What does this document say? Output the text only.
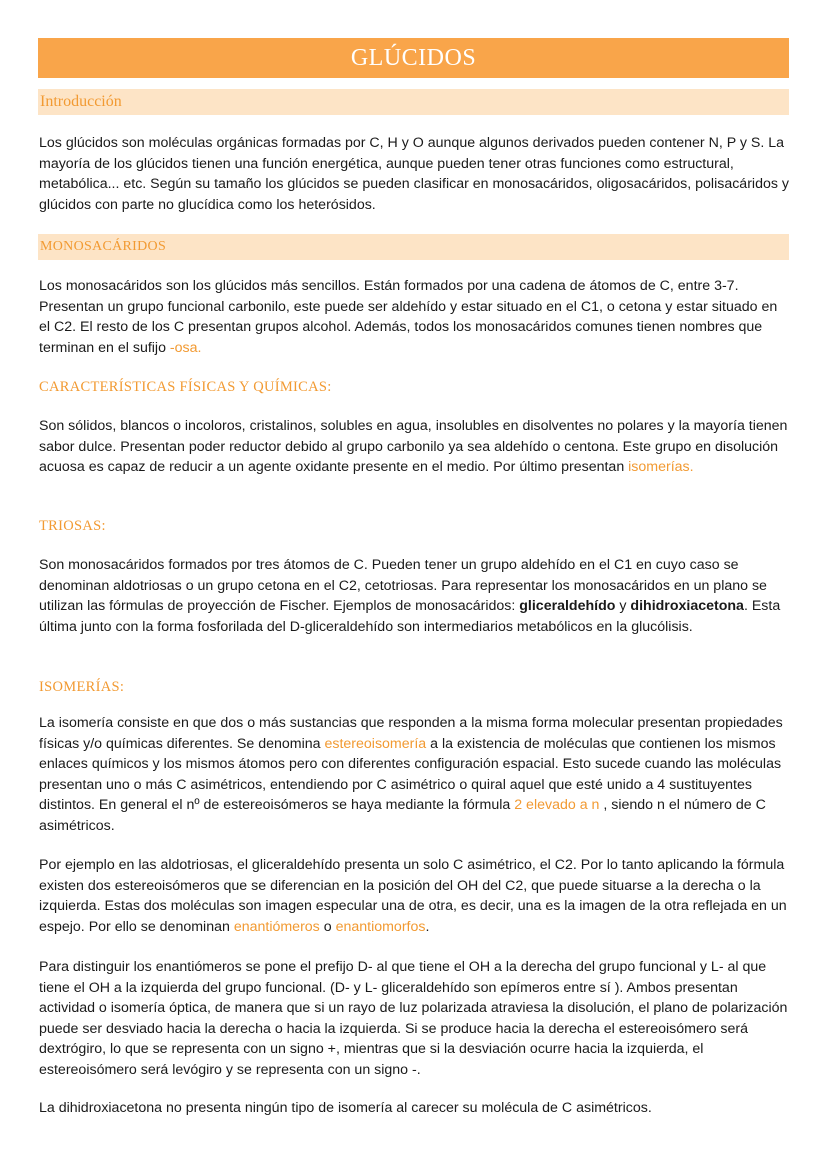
GLÚCIDOS
Introducción

Los glúcidos son moléculas orgánicas formadas por C, H y O aunque algunos derivados pueden contener N, P y S. La mayoría de los glúcidos tienen una función energética, aunque pueden tener otras funciones como estructural, metabólica... etc. Según su tamaño los glúcidos se pueden clasificar en monosacáridos, oligosacáridos, polisacáridos y glúcidos con parte no glucídica como los heterósidos.

MONOSACÁRIDOS

Los monosacáridos son los glúcidos más sencillos. Están formados por una cadena de átomos de C, entre 3-7. Presentan un grupo funcional carbonilo, este puede ser aldehído y estar situado en el C1, o cetona y estar situado en el C2. El resto de los C presentan grupos alcohol. Además, todos los monosacáridos comunes tienen nombres que terminan en el sufijo -osa.

CARACTERÍSTICAS FÍSICAS Y QUÍMICAS:

Son sólidos, blancos o incoloros, cristalinos, solubles en agua, insolubles en disolventes no polares y la mayoría tienen sabor dulce. Presentan poder reductor debido al grupo carbonilo ya sea aldehído o centona. Este grupo en disolución acuosa es capaz de reducir a un agente oxidante presente en el medio. Por último presentan isomerías.

TRIOSAS:

Son monosacáridos formados por tres átomos de C. Pueden tener un grupo aldehído en el C1 en cuyo caso se denominan aldotriosas o un grupo cetona en el C2, cetotriosas. Para representar los monosacáridos en un plano se utilizan las fórmulas de proyección de Fischer. Ejemplos de monosacáridos: gliceraldehído y dihidroxiacetona. Esta última junto con la forma fosforilada del D-gliceraldehído son intermediarios metabólicos en la glucólisis.

ISOMERÍAS:

La isomería consiste en que dos o más sustancias que responden a la misma forma molecular presentan propiedades físicas y/o químicas diferentes. Se denomina estereoisomería a la existencia de moléculas que contienen los mismos enlaces químicos y los mismos átomos pero con diferentes configuración espacial. Esto sucede cuando las moléculas presentan uno o más C asimétricos, entendiendo por C asimétrico o quiral aquel que esté unido a 4 sustituyentes distintos. En general el nº de estereoisómeros se haya mediante la fórmula 2 elevado a n , siendo n el número de C asimétricos.

Por ejemplo en las aldotriosas, el gliceraldehído presenta un solo C asimétrico, el C2. Por lo tanto aplicando la fórmula existen dos estereoisómeros que se diferencian en la posición del OH del C2, que puede situarse a la derecha o la izquierda. Estas dos moléculas son imagen especular una de otra, es decir, una es la imagen de la otra reflejada en un espejo. Por ello se denominan enantiómeros o enantiomorfos.

Para distinguir los enantiómeros se pone el prefijo D- al que tiene el OH a la derecha del grupo funcional y L- al que tiene el OH a la izquierda del grupo funcional. (D- y L- gliceraldehído son epímeros entre sí ). Ambos presentan actividad o isomería óptica, de manera que si un rayo de luz polarizada atraviesa la disolución, el plano de polarización puede ser desviado hacia la derecha o hacia la izquierda. Si se produce hacia la derecha el estereoisómero será dextrógiro, lo que se representa con un signo +, mientras que si la desviación ocurre hacia la izquierda, el estereoisómero será levógiro y se representa con un signo -.

La dihidroxiacetona no presenta ningún tipo de isomería al carecer su molécula de C asimétricos.
